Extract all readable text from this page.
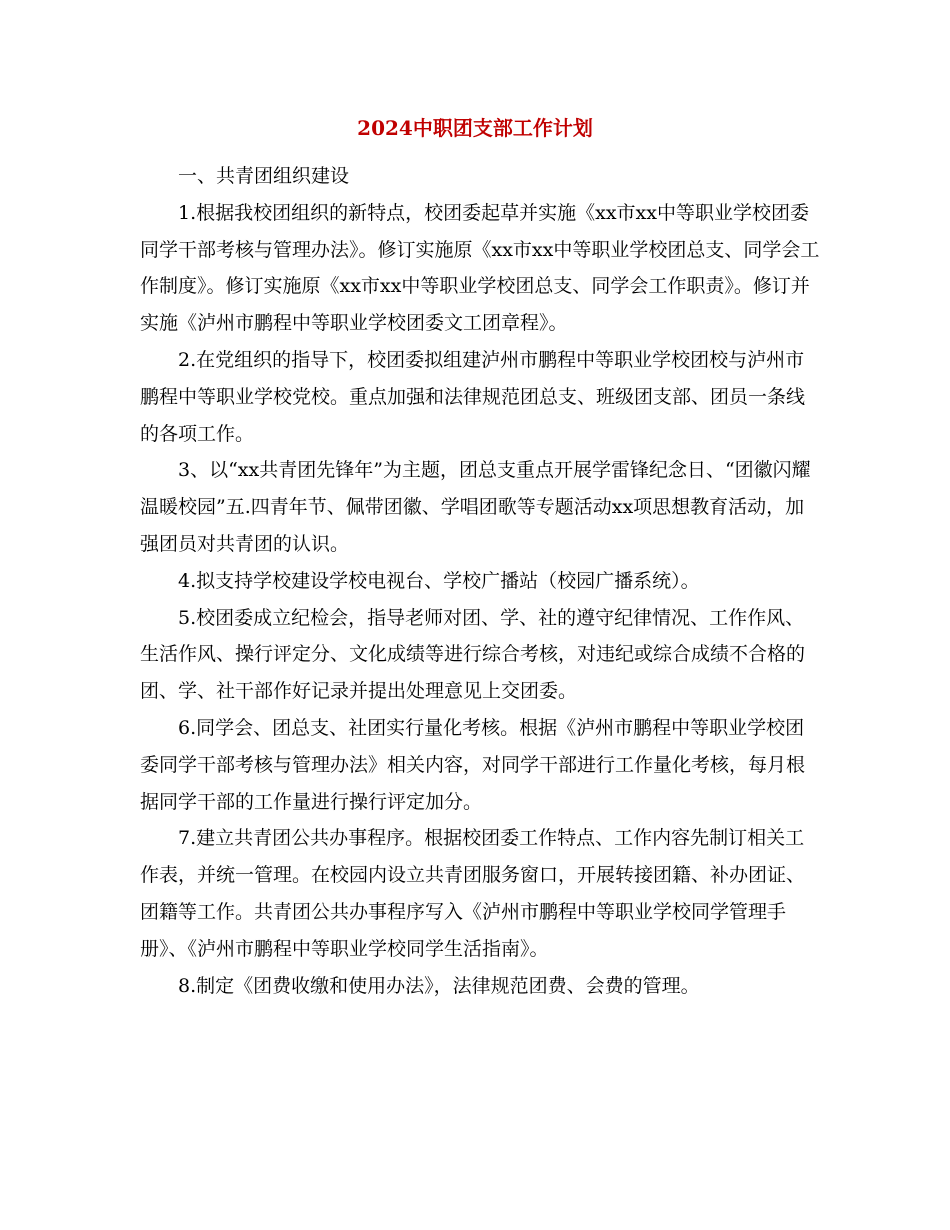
2024中职团支部工作计划

一、共青团组织建设

1.根据我校团组织的新特点，校团委起草并实施《xx市xx中等职业学校团委同学干部考核与管理办法》。修订实施原《xx市xx中等职业学校团总支、同学会工作制度》。修订实施原《xx市xx中等职业学校团总支、同学会工作职责》。修订并实施《泸州市鹏程中等职业学校团委文工团章程》。

2.在党组织的指导下，校团委拟组建泸州市鹏程中等职业学校团校与泸州市鹏程中等职业学校党校。重点加强和法律规范团总支、班级团支部、团员一条线的各项工作。

3、以“xx共青团先锋年”为主题，团总支重点开展学雷锋纪念日、“团徽闪耀温暖校园”五.四青年节、佩带团徽、学唱团歌等专题活动xx项思想教育活动，加强团员对共青团的认识。

4.拟支持学校建设学校电视台、学校广播站（校园广播系统）。

5.校团委成立纪检会，指导老师对团、学、社的遵守纪律情况、工作作风、生活作风、操行评定分、文化成绩等进行综合考核，对违纪或综合成绩不合格的团、学、社干部作好记录并提出处理意见上交团委。

6.同学会、团总支、社团实行量化考核。根据《泸州市鹏程中等职业学校团委同学干部考核与管理办法》相关内容，对同学干部进行工作量化考核，每月根据同学干部的工作量进行操行评定加分。

7.建立共青团公共办事程序。根据校团委工作特点、工作内容先制订相关工作表，并统一管理。在校园内设立共青团服务窗口，开展转接团籍、补办团证、团籍等工作。共青团公共办事程序写入《泸州市鹏程中等职业学校同学管理手册》、《泸州市鹏程中等职业学校同学生活指南》。

8.制定《团费收缴和使用办法》，法律规范团费、会费的管理。
